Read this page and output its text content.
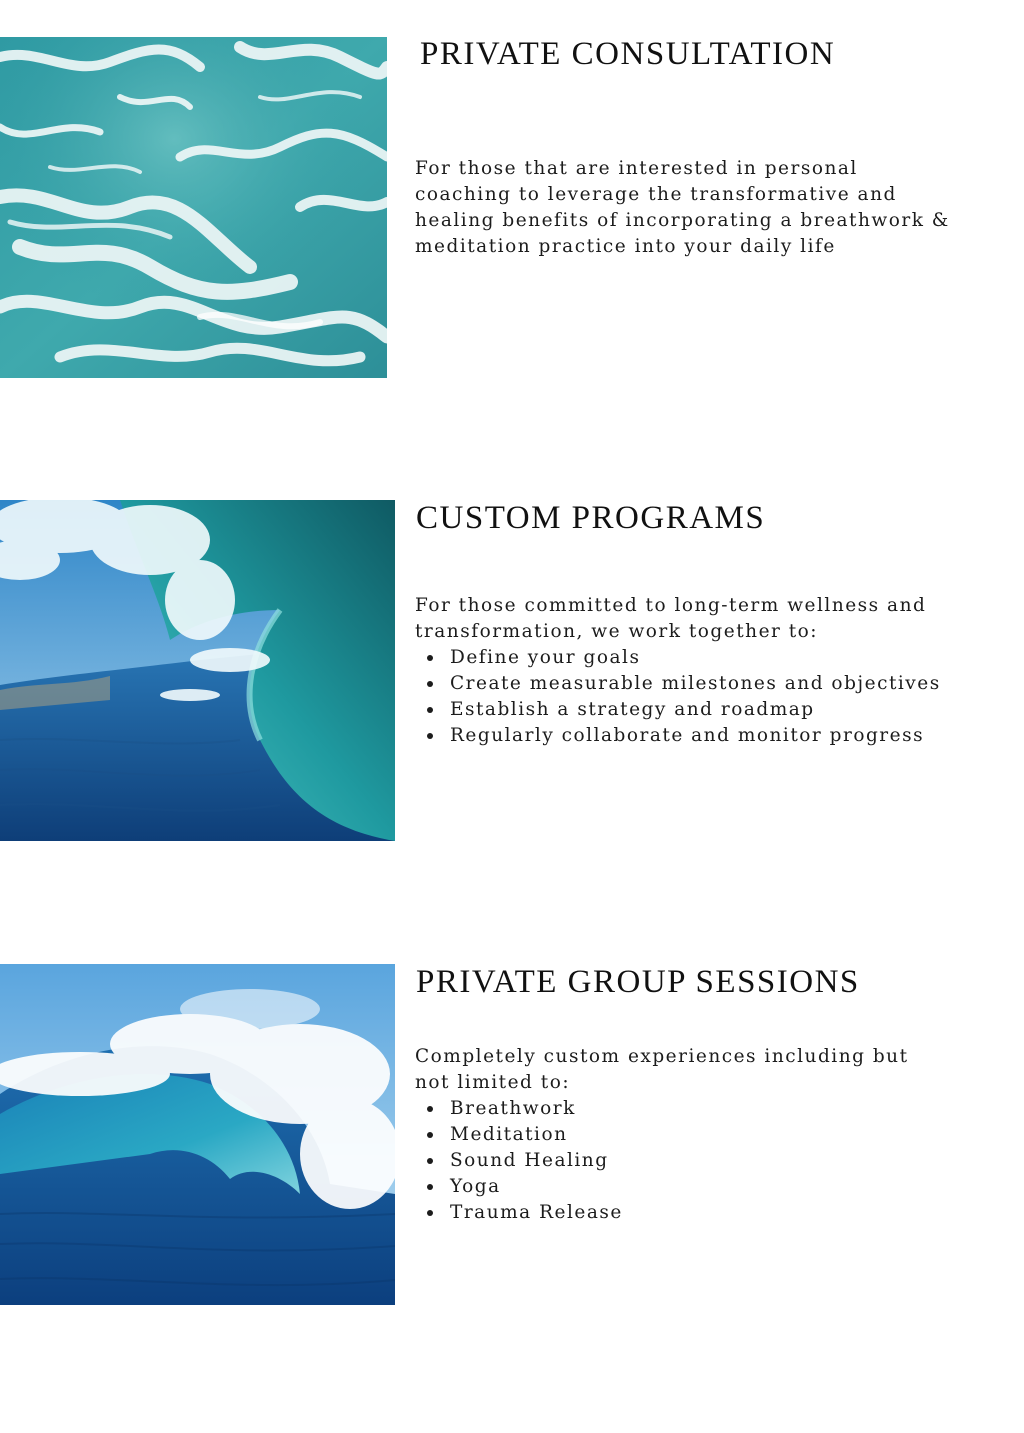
PRIVATE CONSULTATION

For those that are interested in personal coaching to leverage the transformative and healing benefits of incorporating a breathwork & meditation practice into your daily life

CUSTOM PROGRAMS

For those committed to long-term wellness and transformation, we work together to:

Define your goals
Create measurable milestones and objectives
Establish a strategy and roadmap
Regularly collaborate and monitor progress
PRIVATE GROUP SESSIONS

Completely custom experiences including but not limited to:

Breathwork
Meditation
Sound Healing
Yoga
Trauma Release
